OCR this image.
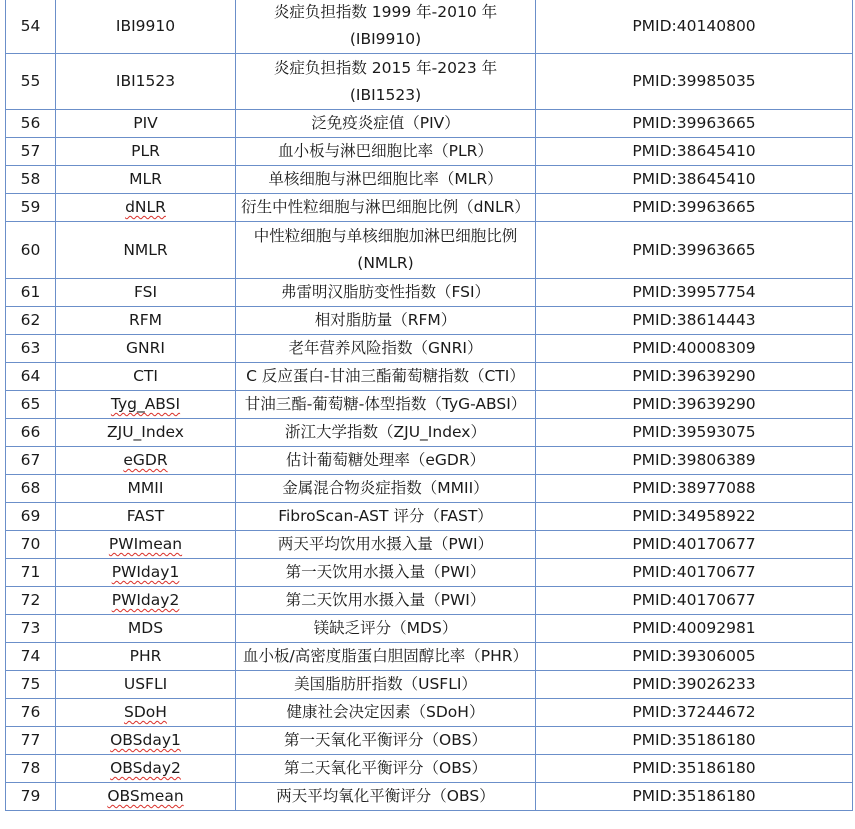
54	IBI9910	炎症负担指数 1999 年-2010 年 (IBI9910)	PMID:40140800
55	IBI1523	炎症负担指数 2015 年-2023 年 (IBI1523)	PMID:39985035
56	PIV	泛免疫炎症值（PIV）	PMID:39963665
57	PLR	血小板与淋巴细胞比率（PLR）	PMID:38645410
58	MLR	单核细胞与淋巴细胞比率（MLR）	PMID:38645410
59	dNLR	衍生中性粒细胞与淋巴细胞比例（dNLR）	PMID:39963665
60	NMLR	中性粒细胞与单核细胞加淋巴细胞比例 (NMLR)	PMID:39963665
61	FSI	弗雷明汉脂肪变性指数（FSI）	PMID:39957754
62	RFM	相对脂肪量（RFM）	PMID:38614443
63	GNRI	老年营养风险指数（GNRI）	PMID:40008309
64	CTI	C 反应蛋白-甘油三酯葡萄糖指数（CTI）	PMID:39639290
65	Tyg_ABSI	甘油三酯-葡萄糖-体型指数（TyG-ABSI）	PMID:39639290
66	ZJU_Index	浙江大学指数（ZJU_Index）	PMID:39593075
67	eGDR	估计葡萄糖处理率（eGDR）	PMID:39806389
68	MMII	金属混合物炎症指数（MMII）	PMID:38977088
69	FAST	FibroScan-AST 评分（FAST）	PMID:34958922
70	PWImean	两天平均饮用水摄入量（PWI）	PMID:40170677
71	PWIday1	第一天饮用水摄入量（PWI）	PMID:40170677
72	PWIday2	第二天饮用水摄入量（PWI）	PMID:40170677
73	MDS	镁缺乏评分（MDS）	PMID:40092981
74	PHR	血小板/高密度脂蛋白胆固醇比率（PHR）	PMID:39306005
75	USFLI	美国脂肪肝指数（USFLI）	PMID:39026233
76	SDoH	健康社会决定因素（SDoH）	PMID:37244672
77	OBSday1	第一天氧化平衡评分（OBS）	PMID:35186180
78	OBSday2	第二天氧化平衡评分（OBS）	PMID:35186180
79	OBSmean	两天平均氧化平衡评分（OBS）	PMID:35186180
